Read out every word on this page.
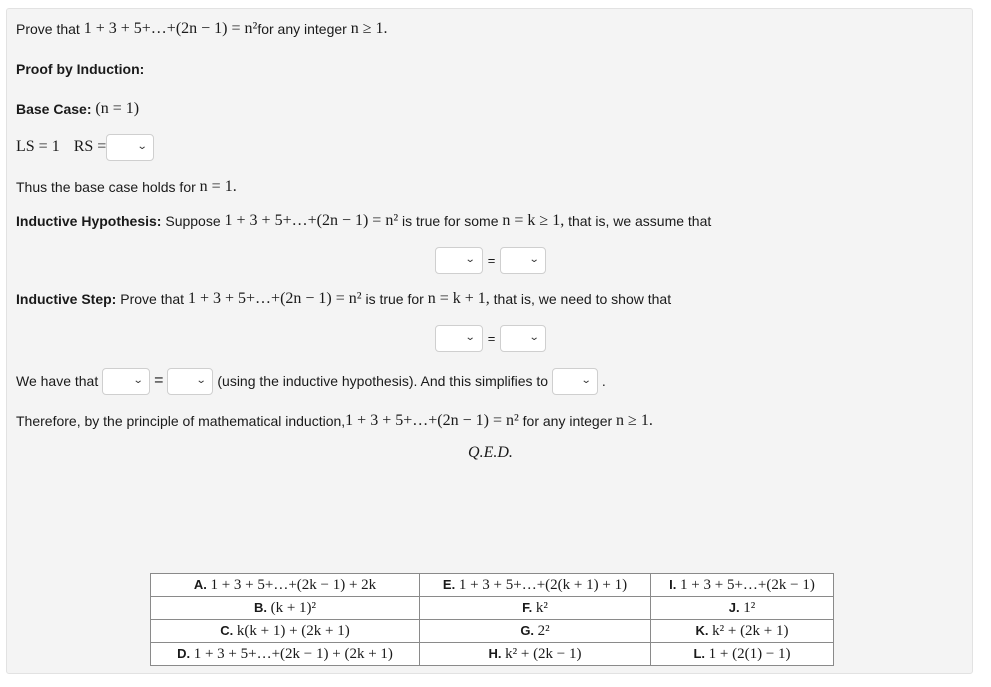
Prove that
1 + 3 + 5+…+(2n − 1) = n² for any integer
n ≥ 1.
Proof by Induction:
Base Case:
(n = 1)
LS = 1 RS =	⌄
Thus the base case holds for
n = 1.
Inductive Hypothesis:
Suppose
1 + 3 + 5+…+(2n − 1) = n²
is true for some
n = k ≥ 1,
that is, we assume that
⌄ =	⌄
Inductive Step:
Prove that
1 + 3 + 5+…+(2n − 1) = n²
is true for
n = k + 1,
that is, we need to show that
⌄ =	⌄
We have that
	⌄ =	⌄
(using the inductive hypothesis). And this simplifies to
	⌄
.
Therefore, by the principle of mathematical induction, 1 + 3 + 5+…+(2n − 1) = n²
for any integer
n ≥ 1.
Q.E.D.
A. 1 + 3 + 5+…+(2k − 1) + 2k	E. 1 + 3 + 5+…+(2(k + 1) + 1)	I. 1 + 3 + 5+…+(2k − 1)
B. (k + 1)²	F. k²	J. 1²
C. k(k + 1) + (2k + 1)	G. 2²	K. k² + (2k + 1)
D. 1 + 3 + 5+…+(2k − 1) + (2k + 1)	H. k² + (2k − 1)	L. 1 + (2(1) − 1)
